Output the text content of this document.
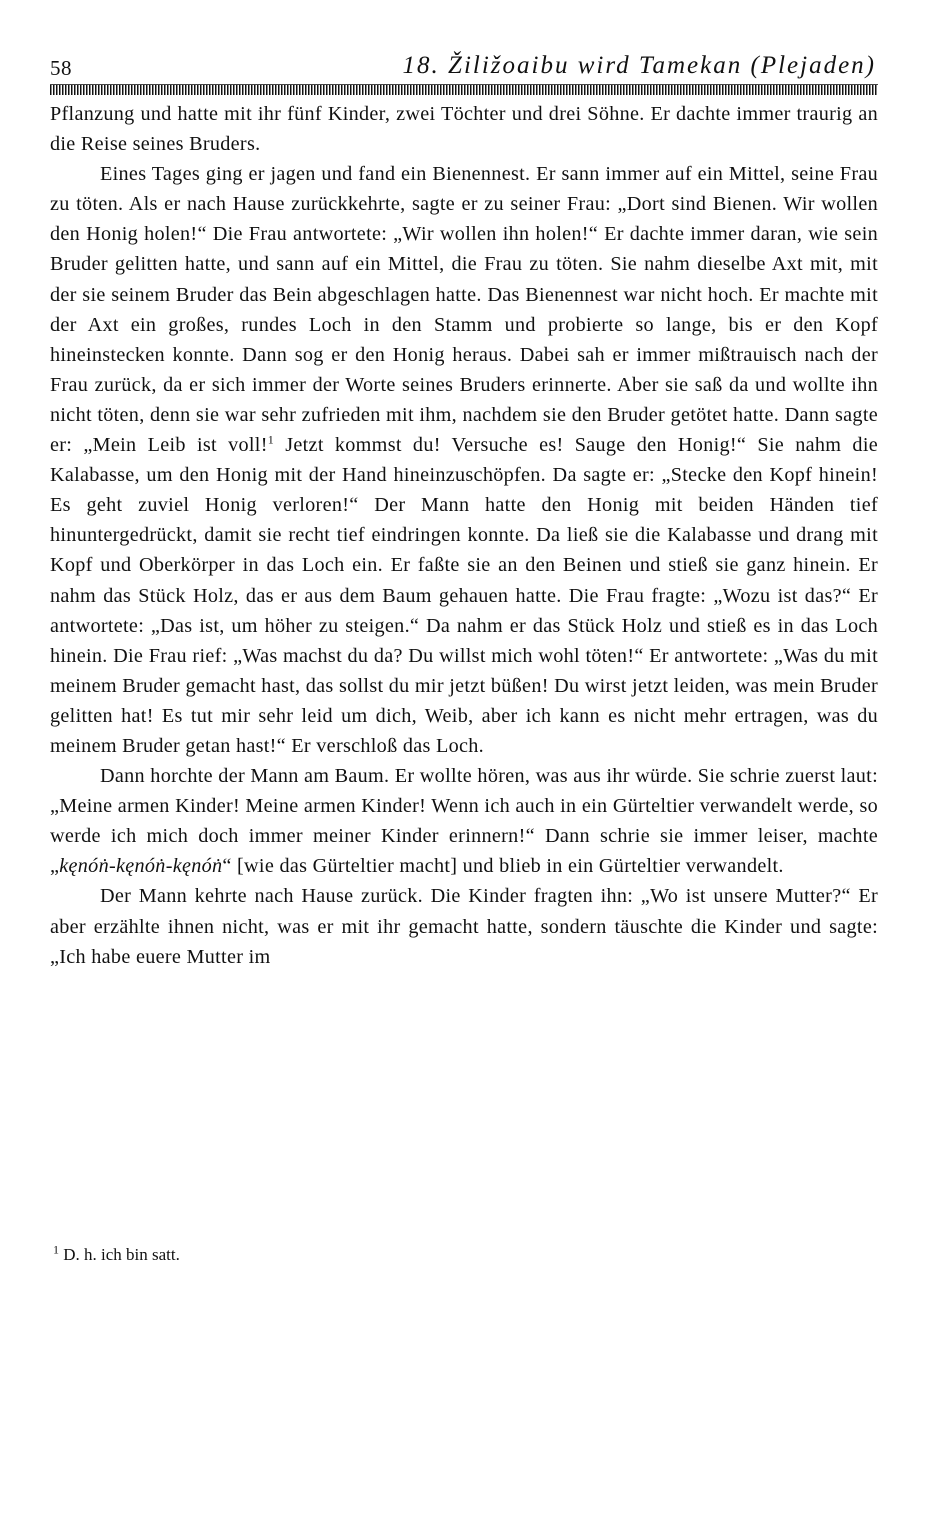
58	18. Žiližoaibu wird Tamekan (Plejaden)

Pflanzung und hatte mit ihr fünf Kinder, zwei Töchter und drei Söhne. Er dachte immer traurig an die Reise seines Bruders.

Eines Tages ging er jagen und fand ein Bienennest. Er sann immer auf ein Mittel, seine Frau zu töten. Als er nach Hause zurückkehrte, sagte er zu seiner Frau: „Dort sind Bienen. Wir wollen den Honig holen!“ Die Frau antwortete: „Wir wollen ihn holen!“ Er dachte immer daran, wie sein Bruder gelitten hatte, und sann auf ein Mittel, die Frau zu töten. Sie nahm dieselbe Axt mit, mit der sie seinem Bruder das Bein abgeschlagen hatte. Das Bienennest war nicht hoch. Er machte mit der Axt ein großes, rundes Loch in den Stamm und probierte so lange, bis er den Kopf hineinstecken konnte. Dann sog er den Honig heraus. Dabei sah er immer mißtrauisch nach der Frau zurück, da er sich immer der Worte seines Bruders erinnerte. Aber sie saß da und wollte ihn nicht töten, denn sie war sehr zufrieden mit ihm, nachdem sie den Bruder getötet hatte. Dann sagte er: „Mein Leib ist voll!$^1$ Jetzt kommst du! Versuche es! Sauge den Honig!“ Sie nahm die Kalabasse, um den Honig mit der Hand hineinzuschöpfen. Da sagte er: „Stecke den Kopf hinein! Es geht zuviel Honig verloren!“ Der Mann hatte den Honig mit beiden Händen tief hinuntergedrückt, damit sie recht tief eindringen konnte. Da ließ sie die Kalabasse und drang mit Kopf und Oberkörper in das Loch ein. Er faßte sie an den Beinen und stieß sie ganz hinein. Er nahm das Stück Holz, das er aus dem Baum gehauen hatte. Die Frau fragte: „Wozu ist das?“ Er antwortete: „Das ist, um höher zu steigen.“ Da nahm er das Stück Holz und stieß es in das Loch hinein. Die Frau rief: „Was machst du da? Du willst mich wohl töten!“ Er antwortete: „Was du mit meinem Bruder gemacht hast, das sollst du mir jetzt büßen! Du wirst jetzt leiden, was mein Bruder gelitten hat! Es tut mir sehr leid um dich, Weib, aber ich kann es nicht mehr ertragen, was du meinem Bruder getan hast!“ Er verschloß das Loch.

Dann horchte der Mann am Baum. Er wollte hören, was aus ihr würde. Sie schrie zuerst laut: „Meine armen Kinder! Meine armen Kinder! Wenn ich auch in ein Gürteltier verwandelt werde, so werde ich mich doch immer meiner Kinder erinnern!“ Dann schrie sie immer leiser, machte „kęnóṅ-kęnóṅ-kęnóṅ“ [wie das Gürteltier macht] und blieb in ein Gürteltier verwandelt.

Der Mann kehrte nach Hause zurück. Die Kinder fragten ihn: „Wo ist unsere Mutter?“ Er aber erzählte ihnen nicht, was er mit ihr gemacht hatte, sondern täuschte die Kinder und sagte: „Ich habe euere Mutter im

$^1$ D. h. ich bin satt.
